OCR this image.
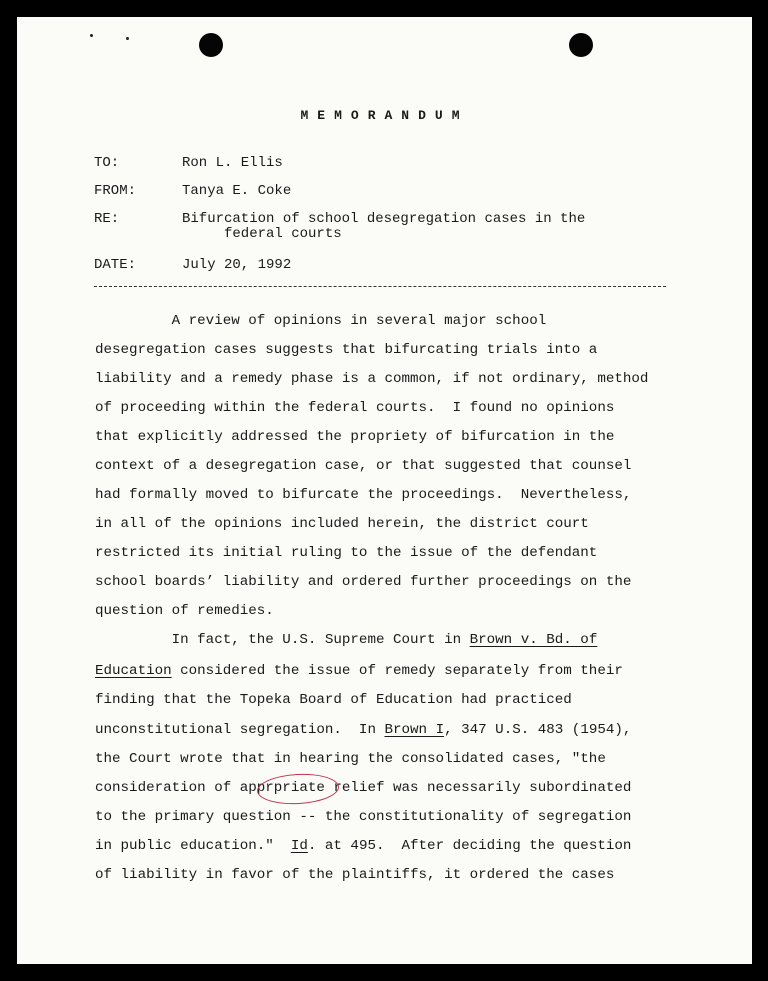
MEMORANDUM
TO:	Ron L. Ellis
FROM:	Tanya E. Coke
RE:	Bifurcation of school desegregation cases in the
federal courts
DATE:	July 20, 1992
A review of opinions in several major school
desegregation cases suggests that bifurcating trials into a
liability and a remedy phase is a common, if not ordinary, method
of proceeding within the federal courts.  I found no opinions
that explicitly addressed the propriety of bifurcation in the
context of a desegregation case, or that suggested that counsel
had formally moved to bifurcate the proceedings.  Nevertheless,
in all of the opinions included herein, the district court
restricted its initial ruling to the issue of the defendant
school boards’ liability and ordered further proceedings on the
question of remedies.
In fact, the U.S. Supreme Court in Brown v. Bd. of
Education considered the issue of remedy separately from their
finding that the Topeka Board of Education had practiced
unconstitutional segregation.  In Brown I, 347 U.S. 483 (1954),
the Court wrote that in hearing the consolidated cases, "the
consideration of apprpriate relief was necessarily subordinated
to the primary question -- the constitutionality of segregation
in public education."  Id. at 495.  After deciding the question
of liability in favor of the plaintiffs, it ordered the cases
